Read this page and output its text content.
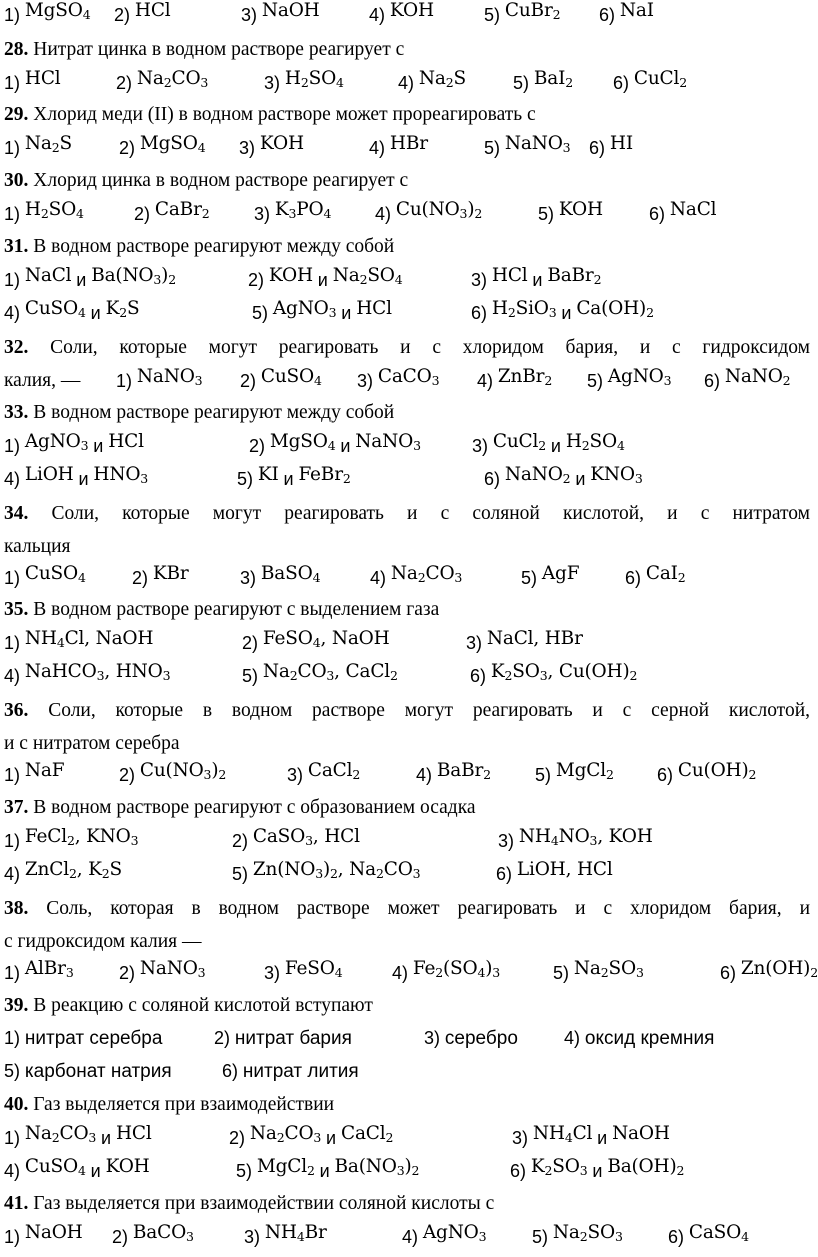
1) MgSO$_4$ 2) HCl	3) NaOH	4) KOH	5) CuBr$_2$ 6) NaI
28. Нитрат цинка в водном растворе реагирует с
1) HCl	2) $Na_2CO_3$	3) $H_2SO_4$	4) $Na_2S$	5) BaI$_2$ 6) CuCl$_2$
29. Хлорид меди (II) в водном растворе может прореагировать с
1) $Na_2S$	2) MgSO$_4$ 3) KOH	4) HBr	5) NaNO$_3$ 6) HI
30. Хлорид цинка в водном растворе реагирует с
1) $H_2SO_4$	2) CaBr$_2$ 3) $K_3PO_4$ 4) $Cu(NO_3)_2$	5) KOH	6) NaCl
31. В водном растворе реагируют между собой
1) NaCl и $Ba(NO_3)_2$	2) KOH и $Na_2SO_4$	3) HCl и BaBr$_2$
4) CuSO$_4$ и $K_2S$	5) AgNO$_3$ и HCl	6) $H_2SiO_3$ и $Ca(OH)_2$
32. Соли, которые могут реагировать и с хлоридом бария, и с гидроксидом
калия, — 1) NaNO$_3$ 2) CuSO$_4$ 3) CaCO$_3$ 4) ZnBr$_2$ 5) AgNO$_3$ 6) NaNO$_2$
33. В водном растворе реагируют между собой
1) AgNO$_3$ и HCl	2) MgSO$_4$ и NaNO$_3$	3) CuCl$_2$ и $H_2SO_4$
4) LiOH и $HNO_3$	5) KI и FeBr$_2$	6) NaNO$_2$ и $KNO_3$
34. Соли, которые могут реагировать и с соляной кислотой, и с нитратом
кальция
1) CuSO$_4$	2) KBr	3) BaSO$_4$	4) $Na_2CO_3$	5) AgF	6) CaI$_2$
35. В водном растворе реагируют с выделением газа
1) $NH_4Cl$, NaOH	2) FeSO$_4$, NaOH	3) NaCl, HBr
4) NaHCO$_3$, $HNO_3$	5) $Na_2CO_3$, CaCl$_2$	6) $K_2SO_3$, $Cu(OH)_2$
36. Соли, которые в водном растворе могут реагировать и с серной кислотой,
и с нитратом серебра
1) NaF	2) $Cu(NO_3)_2$	3) CaCl$_2$	4) BaBr$_2$ 5) MgCl$_2$ 6) $Cu(OH)_2$
37. В водном растворе реагируют с образованием осадка
1) FeCl$_2$, $KNO_3$	2) CaSO$_3$, HCl	3) $NH_4NO_3$, KOH
4) ZnCl$_2$, $K_2S$	5) $Zn(NO_3)_2$, $Na_2CO_3$	6) LiOH, HCl
38. Соль, которая в водном растворе может реагировать и с хлоридом бария, и
с гидроксидом калия —
1) AlBr$_3$	2) NaNO$_3$	3) FeSO$_4$	4) $Fe_2(SO_4)_3$	5) $Na_2SO_3$	6) $Zn(OH)_2$
39. В реакцию с соляной кислотой вступают
1) нитрат серебра	2) нитрат бария	3) серебро	4) оксид кремния
5) карбонат натрия	6) нитрат лития
40. Газ выделяется при взаимодействии
1) $Na_2CO_3$ и HCl	2) $Na_2CO_3$ и CaCl$_2$	3) $NH_4Cl$ и NaOH
4) CuSO$_4$ и KOH	5) MgCl$_2$ и $Ba(NO_3)_2$	6) $K_2SO_3$ и $Ba(OH)_2$
41. Газ выделяется при взаимодействии соляной кислоты с
1) NaOH 2) BaCO$_3$	3) $NH_4Br$	4) AgNO$_3$	5) $Na_2SO_3$	6) CaSO$_4$
